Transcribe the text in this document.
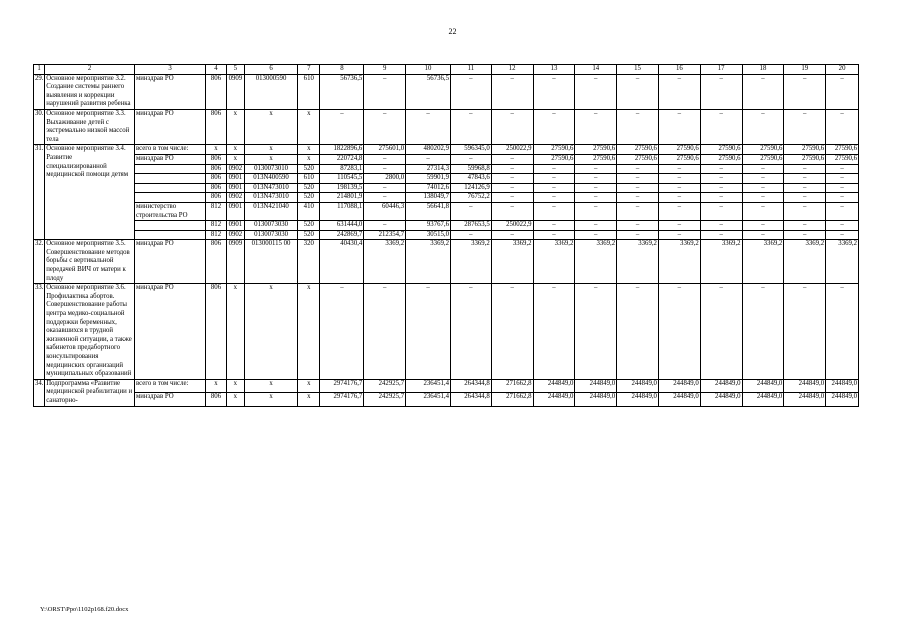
22
1	2	3	4	5	6	7	8	9	10	11	12	13	14	15	16	17	18	19	20
29.	Основное мероприятие 3.2. Создание системы раннего выявления и коррекции нарушений развития ребенка	минздрав РО	806	0909	013000590	610	56736,5	–	56736,5	–	–	–	–	–	–	–	–	–	–
30.	Основное мероприятие 3.3. Выхаживание детей с экстремально низкой массой тела	минздрав РО	806	х	х	х	–	–	–	–	–	–	–	–	–	–	–	–	–
31.	Основное мероприятие 3.4. Развитие специализированной медицинской помощи детям	всего в том числе:	х	х	х	х	1822896,6	275601,0	480202,9	596345,0	250022,9	27590,6	27590,6	27590,6	27590,6	27590,6	27590,6	27590,6	27590,6
		минздрав РО	806	х	х	х	220724,8	–	–	–	–	27590,6	27590,6	27590,6	27590,6	27590,6	27590,6	27590,6	27590,6
			806	0902	0130073010	520	87283,1	–	27314,3	59968,8	–	–	–	–	–	–	–	–	–
			806	0901	013N400590	610	110545,5	2800,0	59901,9	47843,6	–	–	–	–	–	–	–	–	–
			806	0901	013N473010	520	198139,5	–	74012,6	124126,9	–	–	–	–	–	–	–	–	–
			806	0902	013N473010	520	214801,9	–	138049,7	76752,2	–	–	–	–	–	–	–	–	–
		министерство строительства РО	812	0901	013N421040	410	117088,1	60446,3	56641,8	–	–	–	–	–	–	–	–	–	–
			812	0901	0130073030	520	631444,0	–	93767,6	287653,5	250022,9	–	–	–	–	–	–	–	–
			812	0902	0130073030	520	242869,7	212354,7	30515,0	–	–	–	–	–	–	–	–	–	–
32.	Основное мероприятие 3.5. Совершенствование методов борьбы с вертикальной передачей ВИЧ от матери к плоду	минздрав РО	806	0909	013000115 00	320	40430,4	3369,2	3369,2	3369,2	3369,2	3369,2	3369,2	3369,2	3369,2	3369,2	3369,2	3369,2	3369,2
33.	Основное мероприятие 3.6. Профилактика абортов. Совершенствование работы центра медико-социальной поддержки беременных, оказавшихся в трудной жизненной ситуации, а также кабинетов предабортного консультирования медицинских организаций муниципальных образований	минздрав РО	806	х	х	х	–	–	–	–	–	–	–	–	–	–	–	–	–
34.	Подпрограмма «Развитие медицинской реабилитации и санаторно-	всего в том числе:	х	х	х	х	2974176,7	242925,7	236451,4	264344,8	271662,8	244849,0	244849,0	244849,0	244849,0	244849,0	244849,0	244849,0	244849,0
		минздрав РО	806	х	х	х	2974176,7	242925,7	236451,4	264344,8	271662,8	244849,0	244849,0	244849,0	244849,0	244849,0	244849,0	244849,0	244849,0
Y:\ORST\Ppo\1102p168.f20.docx
